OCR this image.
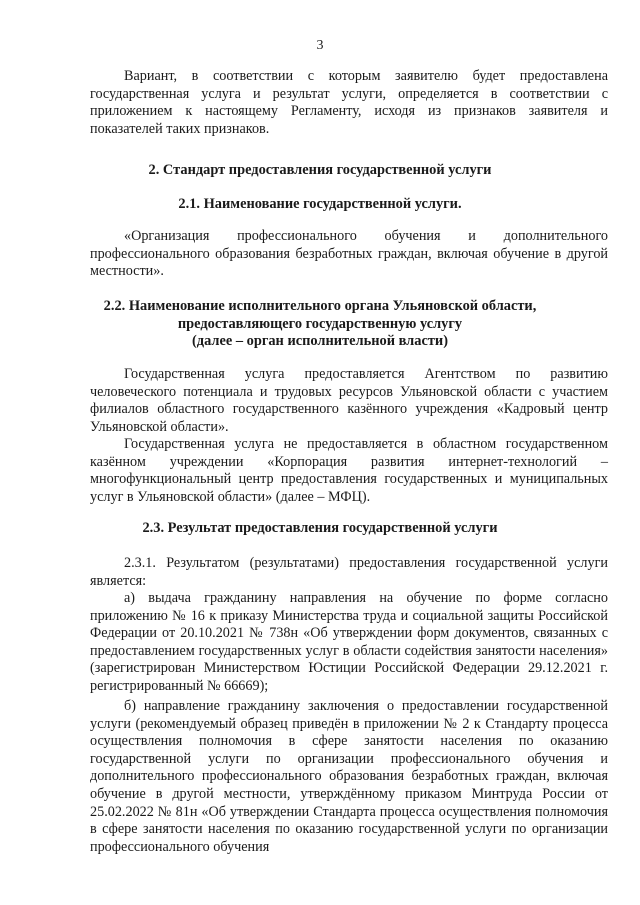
3

Вариант, в соответствии с которым заявителю будет предоставлена государственная услуга и результат услуги, определяется в соответствии с приложением к настоящему Регламенту, исходя из признаков заявителя и показателей таких признаков.

2. Стандарт предоставления государственной услуги
2.1. Наименование государственной услуги.

«Организация профессионального обучения и дополнительного профессионального образования безработных граждан, включая обучение в другой местности».

2.2. Наименование исполнительного органа Ульяновской области,
предоставляющего государственную услугу
(далее – орган исполнительной власти)

Государственная услуга предоставляется Агентством по развитию человеческого потенциала и трудовых ресурсов Ульяновской области с участием филиалов областного государственного казённого учреждения «Кадровый центр Ульяновской области».

Государственная услуга не предоставляется в областном государственном казённом учреждении «Корпорация развития интернет-технологий – многофункциональный центр предоставления государственных и муниципальных услуг в Ульяновской области» (далее – МФЦ).

2.3. Результат предоставления государственной услуги

2.3.1. Результатом (результатами) предоставления государственной услуги является:

а) выдача гражданину направления на обучение по форме согласно приложению № 16 к приказу Министерства труда и социальной защиты Российской Федерации от 20.10.2021 № 738н «Об утверждении форм документов, связанных с предоставлением государственных услуг в области содействия занятости населения» (зарегистрирован Министерством Юстиции Российской Федерации 29.12.2021 г. регистрированный № 66669);

б) направление гражданину заключения о предоставлении государственной услуги (рекомендуемый образец приведён в приложении № 2 к Стандарту процесса осуществления полномочия в сфере занятости населения по оказанию государственной услуги по организации профессионального обучения и дополнительного профессионального образования безработных граждан, включая обучение в другой местности, утверждённому приказом Минтруда России от 25.02.2022 № 81н «Об утверждении Стандарта процесса осуществления полномочия в сфере занятости населения по оказанию государственной услуги по организации профессионального обучения
